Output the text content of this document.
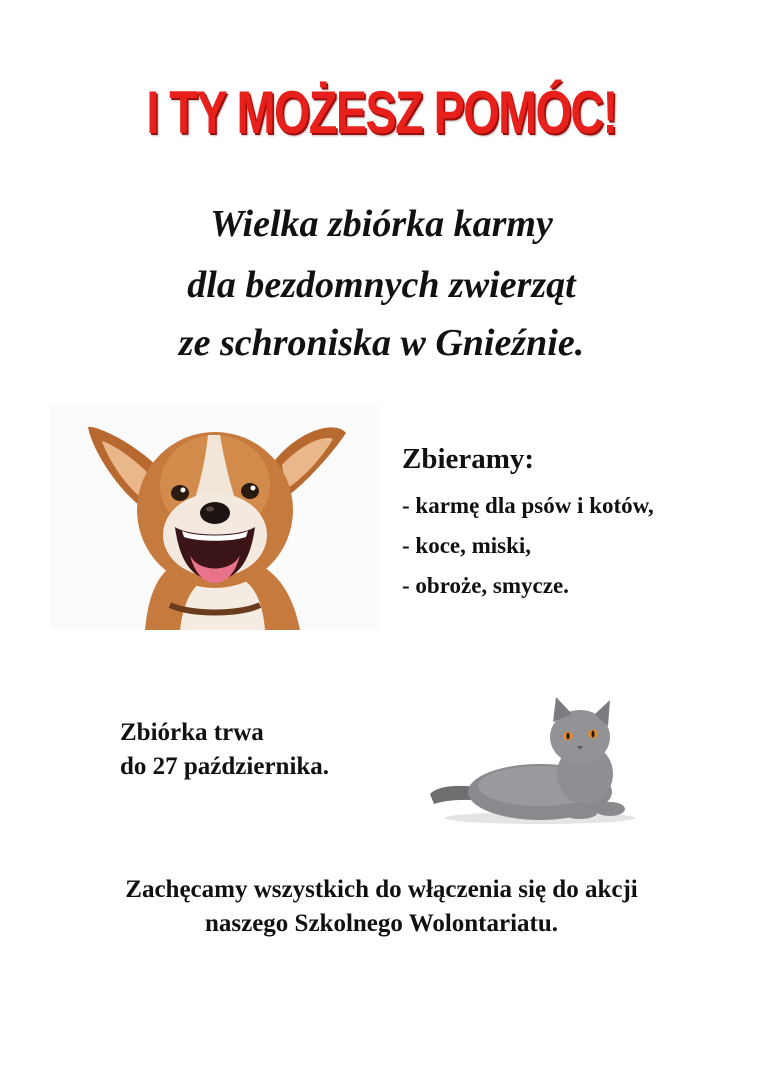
I TY MOŻESZ POMÓC!
Wielka zbiórka karmy
dla bezdomnych zwierząt
ze schroniska w Gnieźnie.
Zbieramy:
- karmę dla psów i kotów,
- koce, miski,
- obroże, smycze.
Zbiórka trwa
do 27 października.
Zachęcamy wszystkich do włączenia się do akcji
naszego Szkolnego Wolontariatu.
